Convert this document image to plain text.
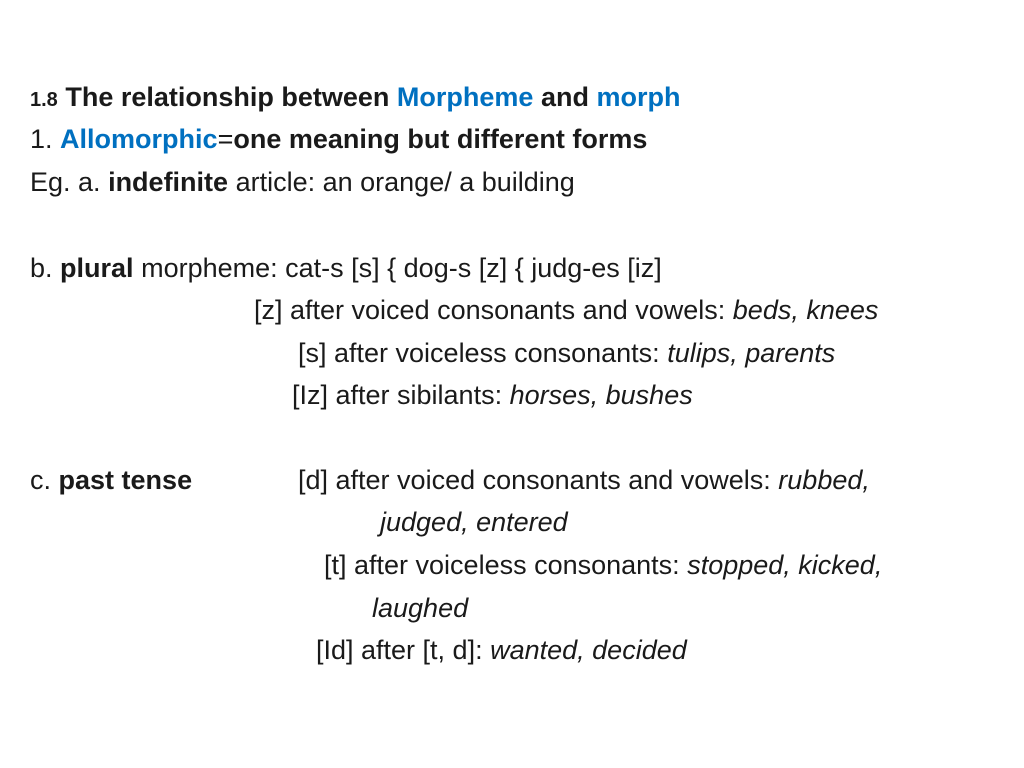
1.8 The relationship between Morpheme and morph
1. Allomorphic=one meaning but different forms
Eg. a. indefinite article: an orange/ a building
b. plural morpheme: cat-s [s] { dog-s [z] { judg-es [iz]
[z] after voiced consonants and vowels: beds, knees
[s] after voiceless consonants: tulips, parents
[Iz] after sibilants: horses, bushes
c. past tense	[d] after voiced consonants and vowels: rubbed,
judged, entered
[t] after voiceless consonants: stopped, kicked,
laughed
[Id] after [t, d]: wanted, decided
